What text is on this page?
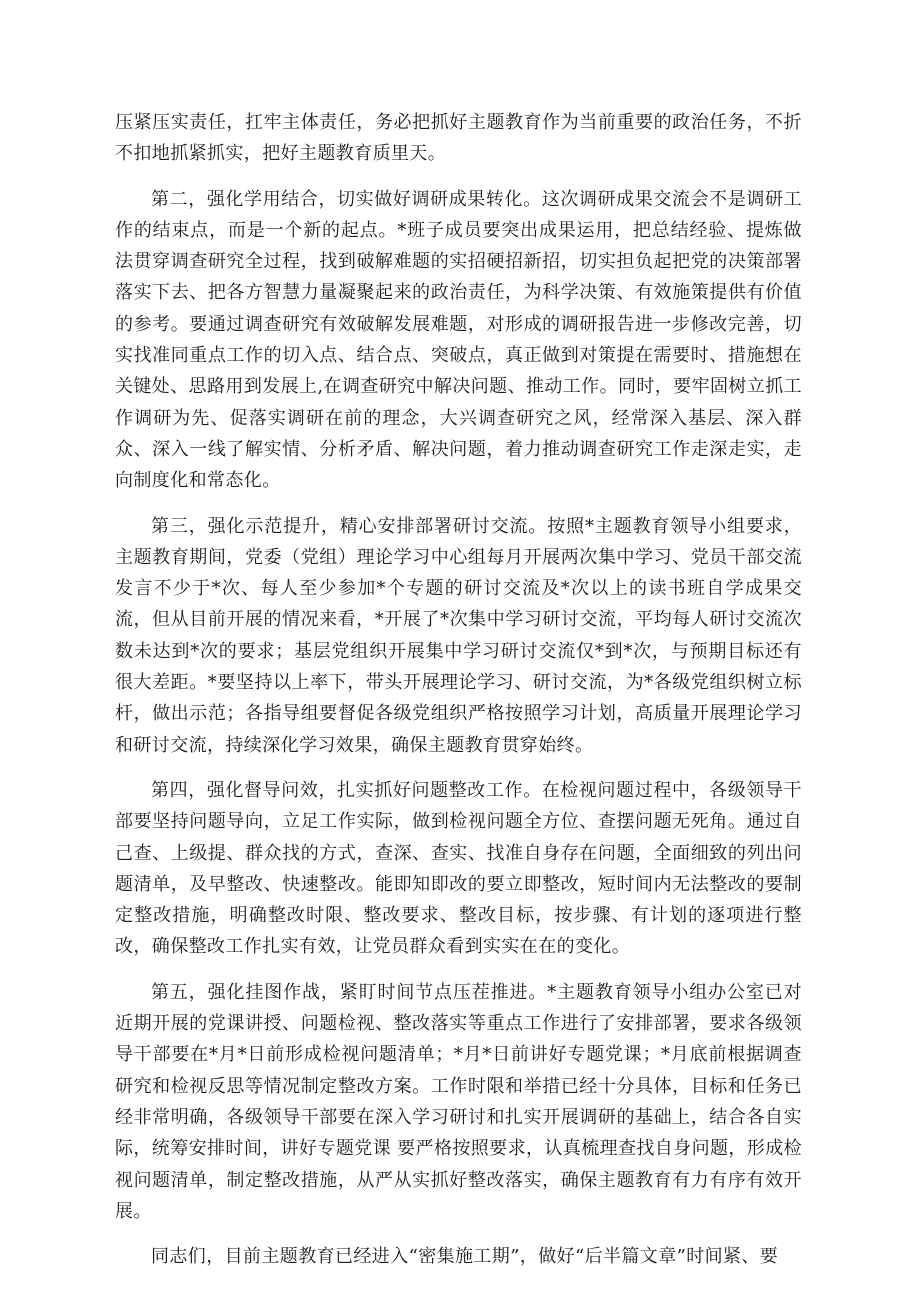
压紧压实责任，扛牢主体责任，务必把抓好主题教育作为当前重要的政治任务，不折不扣地抓紧抓实，把好主题教育质里天。

第二，强化学用结合，切实做好调研成果转化。这次调研成果交流会不是调研工作的结束点，而是一个新的起点。*班子成员要突出成果运用，把总结经验、提炼做法贯穿调查研究全过程，找到破解难题的实招硬招新招，切实担负起把党的决策部署落实下去、把各方智慧力量凝聚起来的政治责任，为科学决策、有效施策提供有价值的参考。要通过调查研究有效破解发展难题，对形成的调研报告进一步修改完善，切实找准同重点工作的切入点、结合点、突破点，真正做到对策提在需要时、措施想在关键处、思路用到发展上,在调查研究中解决问题、推动工作。同时，要牢固树立抓工作调研为先、促落实调研在前的理念，大兴调查研究之风，经常深入基层、深入群众、深入一线了解实情、分析矛盾、解决问题，着力推动调查研究工作走深走实，走向制度化和常态化。

第三，强化示范提升，精心安排部署研讨交流。按照*主题教育领导小组要求，主题教育期间，党委（党组）理论学习中心组每月开展两次集中学习、党员干部交流发言不少于*次、每人至少参加*个专题的研讨交流及*次以上的读书班自学成果交流，但从目前开展的情况来看，*开展了*次集中学习研讨交流，平均每人研讨交流次数未达到*次的要求；基层党组织开展集中学习研讨交流仅*到*次，与预期目标还有很大差距。*要坚持以上率下，带头开展理论学习、研讨交流，为*各级党组织树立标杆，做出示范；各指导组要督促各级党组织严格按照学习计划，高质量开展理论学习和研讨交流，持续深化学习效果，确保主题教育贯穿始终。

第四，强化督导问效，扎实抓好问题整改工作。在检视问题过程中，各级领导干部要坚持问题导向，立足工作实际，做到检视问题全方位、查摆问题无死角。通过自己查、上级提、群众找的方式，查深、查实、找准自身存在问题，全面细致的列出问题清单，及早整改、快速整改。能即知即改的要立即整改，短时间内无法整改的要制定整改措施，明确整改时限、整改要求、整改目标，按步骤、有计划的逐项进行整改，确保整改工作扎实有效，让党员群众看到实实在在的变化。

第五，强化挂图作战，紧盯时间节点压茬推进。*主题教育领导小组办公室已对近期开展的党课讲授、问题检视、整改落实等重点工作进行了安排部署，要求各级领导干部要在*月*日前形成检视问题清单；*月*日前讲好专题党课；*月底前根据调查研究和检视反思等情况制定整改方案。工作时限和举措已经十分具体，目标和任务已经非常明确，各级领导干部要在深入学习研讨和扎实开展调研的基础上，结合各自实际，统筹安排时间，讲好专题党课 要严格按照要求，认真梳理查找自身问题，形成检视问题清单，制定整改措施，从严从实抓好整改落实，确保主题教育有力有序有效开展。

同志们，目前主题教育已经进入“密集施工期”，做好“后半篇文章”时间紧、要
